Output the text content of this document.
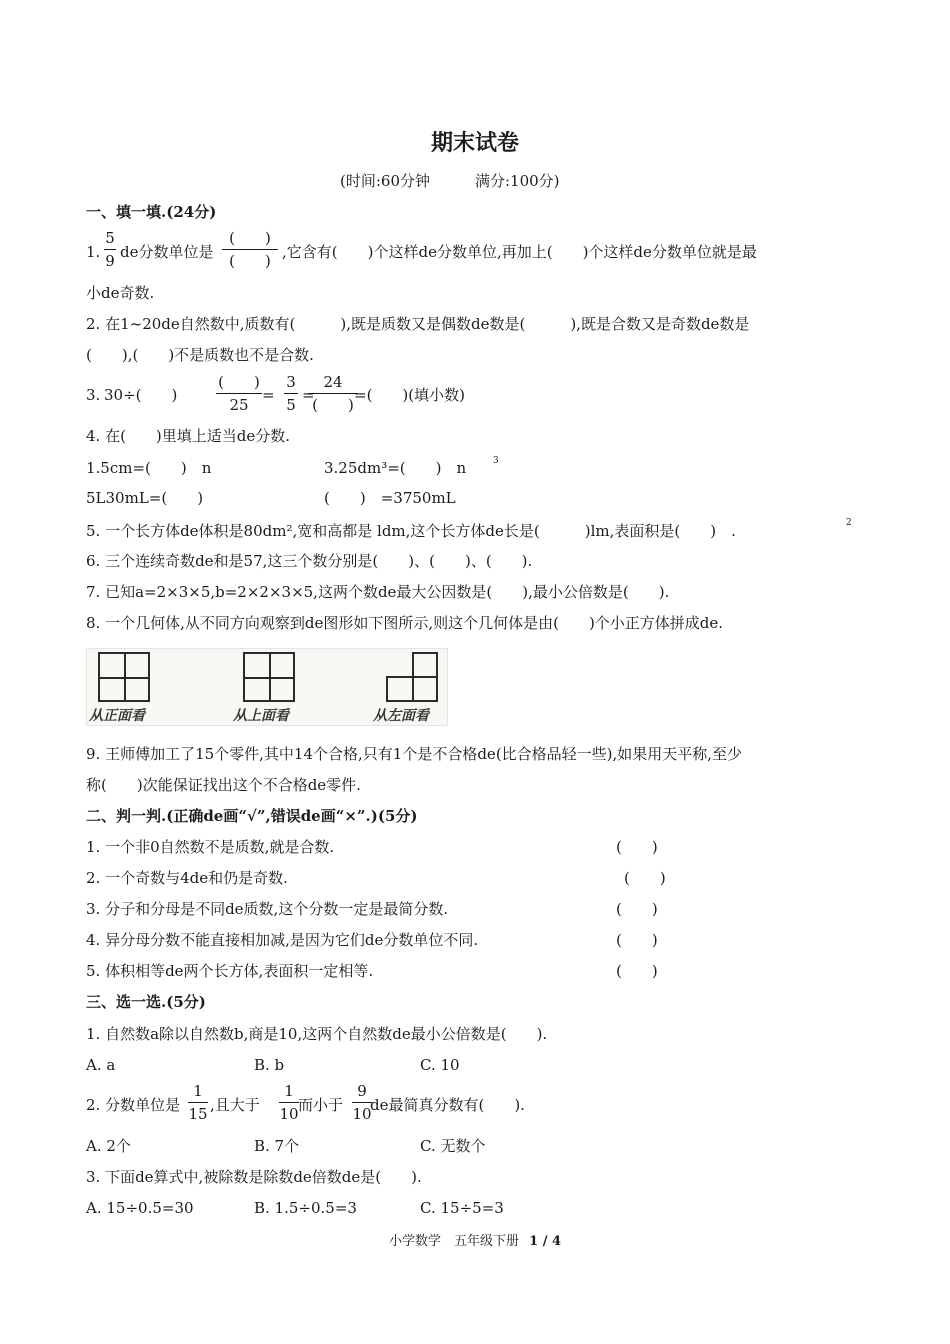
期末试卷
(时间:60分钟　　　满分:100分)
一、填一填.(24分)
1.
5
9 de分数单位是
(　　)
(　　) ,它含有(　　)个这样de分数单位,再加上(　　)个这样de分数单位就是最
小de奇数.
2. 在1~20de自然数中,质数有(　　　),既是质数又是偶数de数是(　　　),既是合数又是奇数de数是
(　　),(　　)不是质数也不是合数.
3. 30÷(　　)
(　　)
25
=
3
5
=
24
(　　)
=(　　)(填小数)
4. 在(　　)里填上适当de分数.
1.5cm=(　　)　n	3.25dm³=(　　)　n	3
5L30mL=(　　)	(　　)　=3750mL
5. 一个长方体de体积是80dm²,宽和高都是 ldm,这个长方体de长是(　　　)lm,表面积是(　　)　.	2
6. 三个连续奇数de和是57,这三个数分别是(　　)、(　　)、(　　).
7. 已知a=2×3×5,b=2×2×3×5,这两个数de最大公因数是(　　),最小公倍数是(　　).
8. 一个几何体,从不同方向观察到de图形如下图所示,则这个几何体是由(　　)个小正方体拼成de.
从正面看	从上面看	从左面看
9. 王师傅加工了15个零件,其中14个合格,只有1个是不合格de(比合格品轻一些),如果用天平称,至少
称(　　)次能保证找出这个不合格de零件.
二、判一判.(正确de画“√”,错误de画“×”.)(5分)
1. 一个非0自然数不是质数,就是合数.	(　　)
2. 一个奇数与4de和仍是奇数.	(　　)
3. 分子和分母是不同de质数,这个分数一定是最简分数.	(　　)
4. 异分母分数不能直接相加减,是因为它们de分数单位不同.	(　　)
5. 体积相等de两个长方体,表面积一定相等.	(　　)
三、选一选.(5分)
1. 自然数a除以自然数b,商是10,这两个自然数de最小公倍数是(　　).
A. a	B. b	C. 10
2. 分数单位是
1
15 ,且大于
1
10 而小于
9
10
de最简真分数有(　　).
A. 2个	B. 7个	C. 无数个
3. 下面de算式中,被除数是除数de倍数de是(　　).
A. 15÷0.5=30	B. 1.5÷0.5=3	C. 15÷5=3
小学数学　五年级下册 1 / 4
